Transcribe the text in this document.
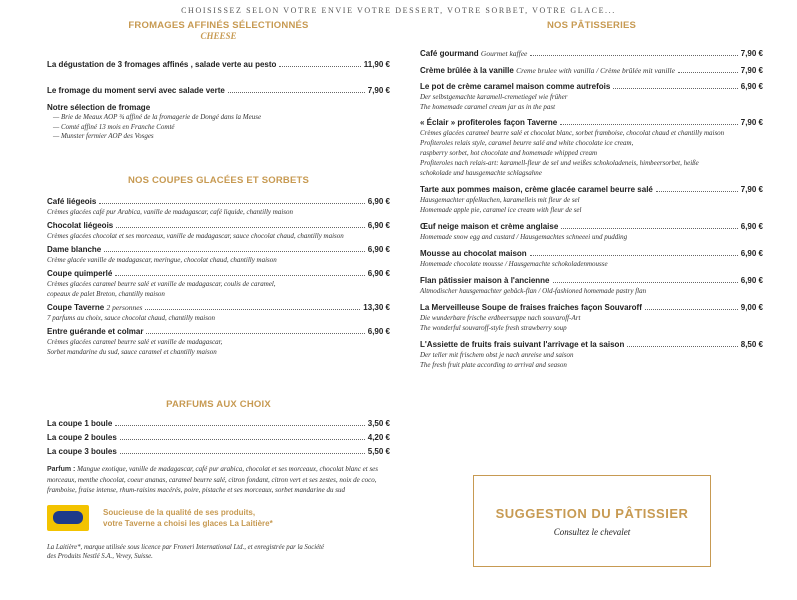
CHOISISSEZ SELON VOTRE ENVIE VOTRE DESSERT, VOTRE SORBET, VOTRE GLACE...
FROMAGES AFFINÉS SÉLECTIONNÉS
CHEESE
La dégustation de 3 fromages affinés , salade verte au pesto	11,90 €
Le fromage du moment servi avec salade verte	7,90 €
Notre sélection de fromage
— Brie de Meaux AOP ¾ affiné de la fromagerie de Dongé dans la Meuse
— Comté affiné 13 mois en Franche Comté
— Munster fermier AOP des Vosges
NOS COUPES GLACÉES ET SORBETS
Café liégeois	6,90 €
Crèmes glacées café pur Arabica, vanille de madagascar, café liquide, chantilly maison
Chocolat liégeois	6,90 €
Crèmes glacées chocolat et ses morceaux, vanille de madagascar, sauce chocolat chaud, chantilly maison
Dame blanche	6,90 €
Crème glacée vanille de madagascar, meringue, chocolat chaud, chantilly maison
Coupe quimperlé	6,90 €
Crèmes glacées caramel beurre salé et vanille de madagascar, coulis de caramel,
copeaux de palet Breton, chantilly maison
Coupe Taverne 2 personnes	13,30 €
7 parfums au choix, sauce chocolat chaud, chantilly maison
Entre guérande et colmar	6,90 €
Crèmes glacées caramel beurre salé et vanille de madagascar,
Sorbet mandarine du sud, sauce caramel et chantilly maison
PARFUMS AUX CHOIX
La coupe 1 boule	3,50 €
La coupe 2 boules	4,20 €
La coupe 3 boules	5,50 €
Parfum : Mangue exotique, vanille de madagascar, café pur arabica, chocolat et ses morceaux, chocolat blanc et ses morceaux, menthe chocolat, coeur ananas, caramel beurre salé, citron fondant, citron vert et ses zestes, noix de coco, framboise, fraise intense, rhum-raisins macérés, poire, pistache et ses morceaux, sorbet mandarine du sud
Soucieuse de la qualité de ses produits,
votre Taverne a choisi les glaces La Laitière*
La Laitière*, marque utilisée sous licence par Froneri International Ltd., et enregistrée par la Société
des Produits Nestlé S.A., Vevey, Suisse.
NOS PÂTISSERIES
Café gourmand Gourmet kaffee	7,90 €
Crème brûlée à la vanille Creme brulee with vanilla / Crème brûlée mit vanille	7,90 €
Le pot de crème caramel maison comme autrefois	6,90 €
Der selbstgemachte karamell-cremetiegel wie früher
The homemade caramel cream jar as in the past
« Éclair » profiteroles façon Taverne	7,90 €
Crèmes glacées caramel beurre salé et chocolat blanc, sorbet framboise, chocolat chaud et chantilly maison
Profiteroles relais style, caramel beurre salé and white chocolate ice cream,
raspberry sorbet, hot chocolate and homemade whipped cream
Profiteroles nach relais-art: karamell-fleur de sel und weißes schokoladeneis, himbeersorbet, heiße
schokolade und hausgemachte schlagsahne
Tarte aux pommes maison, crème glacée caramel beurre salé	7,90 €
Hausgemachter apfelkuchen, karamelleis mit fleur de sel
Homemade apple pie, caramel ice cream with fleur de sel
Œuf neige maison et crème anglaise	6,90 €
Homemade snow egg and custard / Hausgemachtes schneeei und pudding
Mousse au chocolat maison	6,90 €
Homemade chocolate mousse / Hausgemachte schokoladenmousse
Flan pâtissier maison à l'ancienne	6,90 €
Altmodischer hausgemachter gebäck-flan / Old-fashioned homemade pastry flan
La Merveilleuse Soupe de fraises fraiches façon Souvaroff	9,00 €
Die wunderbare frische erdbeersuppe nach souvaroff-Art
The wonderful souvaroff-style fresh strawberry soup
L'Assiette de fruits frais suivant l'arrivage et la saison	8,50 €
Der teller mit frischem obst je nach anreise und saison
The fresh fruit plate according to arrival and season
SUGGESTION DU PÂTISSIER
Consultez le chevalet
